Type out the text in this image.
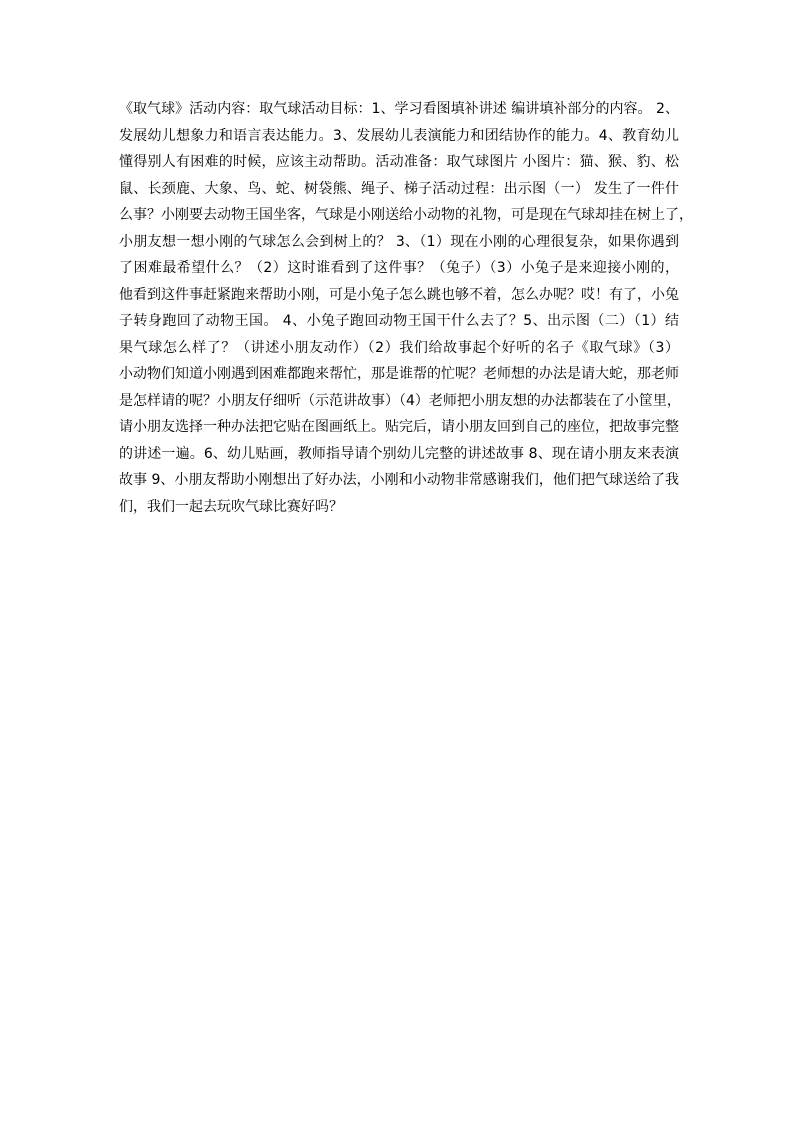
《取气球》活动内容：取气球活动目标：1、学习看图填补讲述 编讲填补部分的内容。 2、
发展幼儿想象力和语言表达能力。3、发展幼儿表演能力和团结协作的能力。4、教育幼儿
懂得别人有困难的时候，应该主动帮助。活动准备：取气球图片 小图片：猫、猴、豹、松
鼠、长颈鹿、大象、鸟、蛇、树袋熊、绳子、梯子活动过程：出示图（一） 发生了一件什
么事？小刚要去动物王国坐客，气球是小刚送给小动物的礼物，可是现在气球却挂在树上了，
小朋友想一想小刚的气球怎么会到树上的？ 3、（1）现在小刚的心理很复杂，如果你遇到
了困难最希望什么？（2）这时谁看到了这件事？（兔子）（3）小兔子是来迎接小刚的，
他看到这件事赶紧跑来帮助小刚，可是小兔子怎么跳也够不着，怎么办呢？哎！有了，小兔
子转身跑回了动物王国。 4、小兔子跑回动物王国干什么去了？5、出示图（二）（1）结
果气球怎么样了？（讲述小朋友动作）（2）我们给故事起个好听的名子《取气球》（3）
小动物们知道小刚遇到困难都跑来帮忙，那是谁帮的忙呢？老师想的办法是请大蛇，那老师
是怎样请的呢？小朋友仔细听（示范讲故事）（4）老师把小朋友想的办法都装在了小筐里，
请小朋友选择一种办法把它贴在图画纸上。贴完后，请小朋友回到自己的座位，把故事完整
的讲述一遍。6、幼儿贴画，教师指导请个别幼儿完整的讲述故事 8、现在请小朋友来表演
故事 9、小朋友帮助小刚想出了好办法，小刚和小动物非常感谢我们，他们把气球送给了我
们，我们一起去玩吹气球比赛好吗？
